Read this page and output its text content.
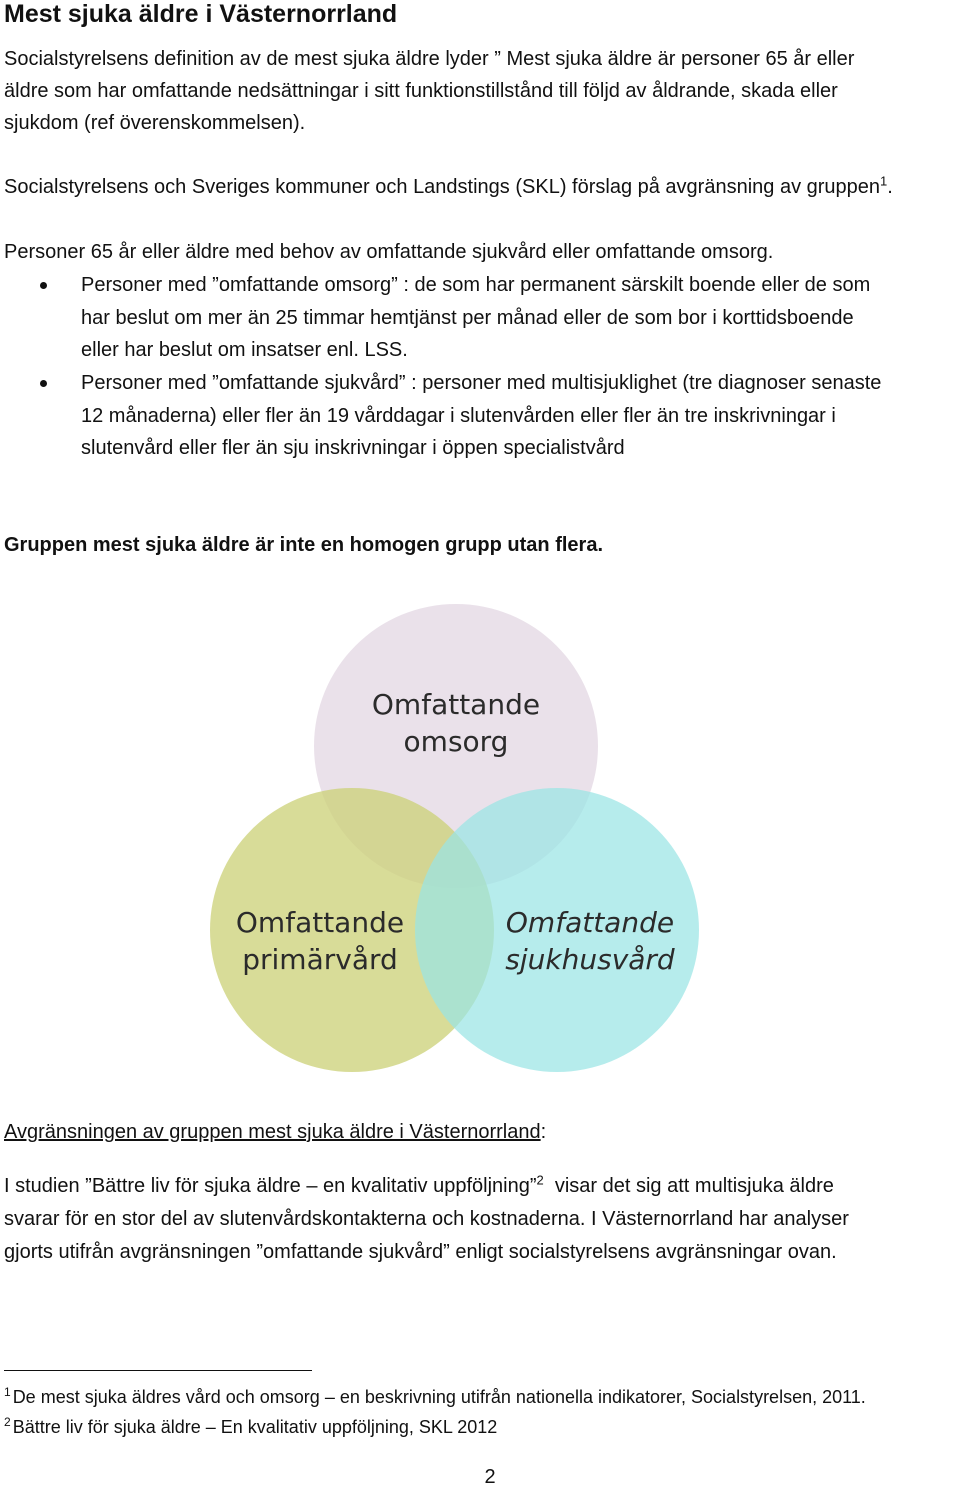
Mest sjuka äldre i Västernorrland

Socialstyrelsens definition av de mest sjuka äldre lyder ” Mest sjuka äldre är personer 65 år eller

äldre som har omfattande nedsättningar i sitt funktionstillstånd till följd av åldrande, skada eller

sjukdom (ref överenskommelsen).

Socialstyrelsens och Sveriges kommuner och Landstings (SKL) förslag på avgränsning av gruppen$^1$.

Personer 65 år eller äldre med behov av omfattande sjukvård eller omfattande omsorg.

Personer med ”omfattande omsorg” : de som har permanent särskilt boende eller de som

har beslut om mer än 25 timmar hemtjänst per månad eller de som bor i korttidsboende

eller har beslut om insatser enl. LSS.

Personer med ”omfattande sjukvård” : personer med multisjuklighet (tre diagnoser senaste

12 månaderna) eller fler än 19 vårddagar i slutenvården eller fler än tre inskrivningar i

slutenvård eller fler än sju inskrivningar i öppen specialistvård

Gruppen mest sjuka äldre är inte en homogen grupp utan flera.

Omfattande
omsorg
Omfattande
primärvård
Omfattande
sjukhusvård

Avgränsningen av gruppen mest sjuka äldre i Västernorrland:

I studien ”Bättre liv för sjuka äldre – en kvalitativ uppföljning”$^2$  visar det sig att multisjuka äldre

svarar för en stor del av slutenvårdskontakterna och kostnaderna. I Västernorrland har analyser

gjorts utifrån avgränsningen ”omfattande sjukvård” enligt socialstyrelsens avgränsningar ovan.

$^1$ De mest sjuka äldres vård och omsorg – en beskrivning utifrån nationella indikatorer, Socialstyrelsen, 2011.

$^2$ Bättre liv för sjuka äldre – En kvalitativ uppföljning, SKL 2012

2
